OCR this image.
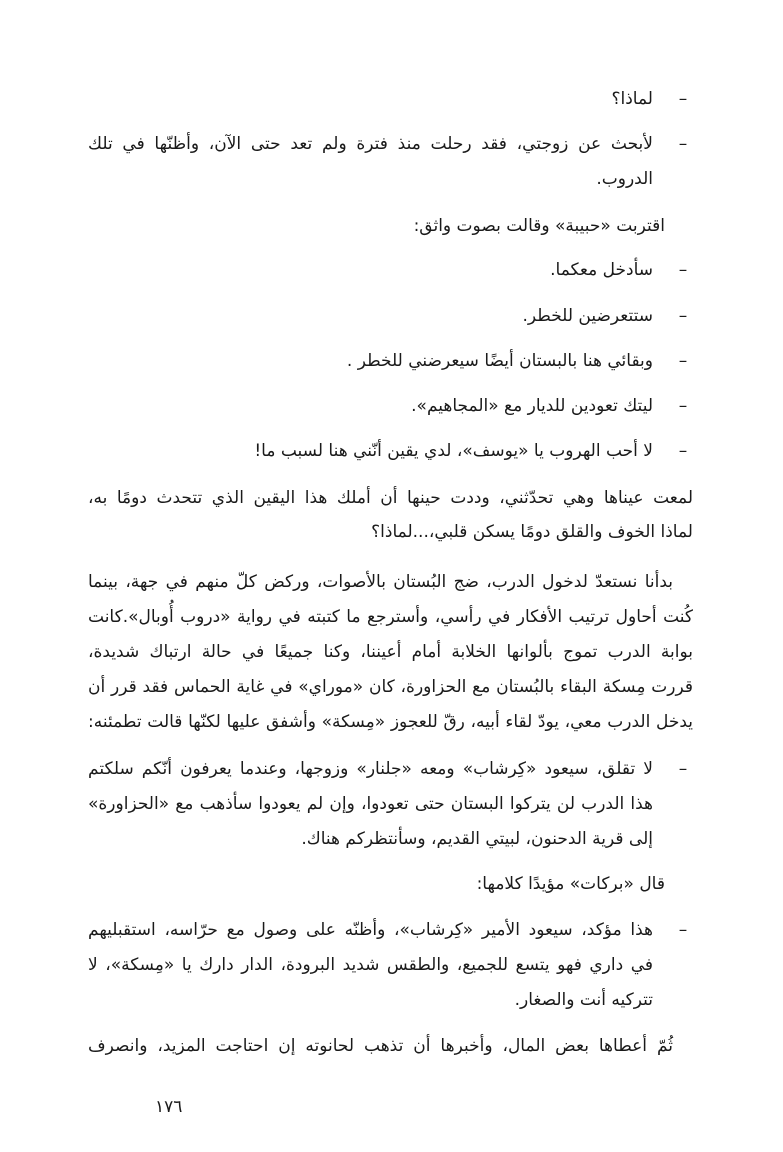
–
لماذا؟
–
لأبحث عن زوجتي، فقد رحلت منذ فترة ولم تعد حتى الآن، وأظنّها في تلك
الدروب.
اقتربت «حبيبة» وقالت بصوت واثق:
–
سأدخل معكما.
–
ستتعرضين للخطر.
–
وبقائي هنا بالبستان أيضًا سيعرضني للخطر .
–
ليتك تعودين للديار مع «المجاهيم».
–
لا أحب الهروب يا «يوسف»، لدي يقين أنّني هنا لسبب ما!
لمعت عيناها وهي تحدّثني، وددت حينها أن أملك هذا اليقين الذي تتحدث دومًا به،
لماذا الخوف والقلق دومًا يسكن قلبي،...لماذا؟
بدأنا نستعدّ لدخول الدرب، ضج البُستان بالأصوات، وركض كلّ منهم في جهة، بينما
كُنت أحاول ترتيب الأفكار في رأسي، وأسترجع ما كتبته في رواية «دروب أُوبال».كانت
بوابة الدرب تموج بألوانها الخلابة أمام أعيننا، وكنا جميعًا في حالة ارتباك شديدة،
قررت مِسكة البقاء بالبُستان مع الحزاورة، كان «موراي» في غاية الحماس فقد قرر أن
يدخل الدرب معي، يودّ لقاء أبيه، رقّ للعجوز «مِسكة» وأشفق عليها لكنّها قالت تطمئنه:
–
لا تقلق، سيعود «كِرشاب» ومعه «جلنار» وزوجها، وعندما يعرفون أنّكم سلكتم
هذا الدرب لن يتركوا البستان حتى تعودوا، وإن لم يعودوا سأذهب مع «الحزاورة»
إلى قرية الدحنون، لبيتي القديم، وسأنتظركم هناك.
قال «بركات» مؤيدًا كلامها:
–
هذا مؤكد، سيعود الأمير «كِرشاب»، وأظنّه على وصول مع حرّاسه، استقبليهم
في داري فهو يتسع للجميع، والطقس شديد البرودة، الدار دارك يا «مِسكة»، لا
تتركيه أنت والصغار.
ثُمّ أعطاها بعض المال، وأخبرها أن تذهب لحانوته إن احتاجت المزيد، وانصرف
١٧٦
